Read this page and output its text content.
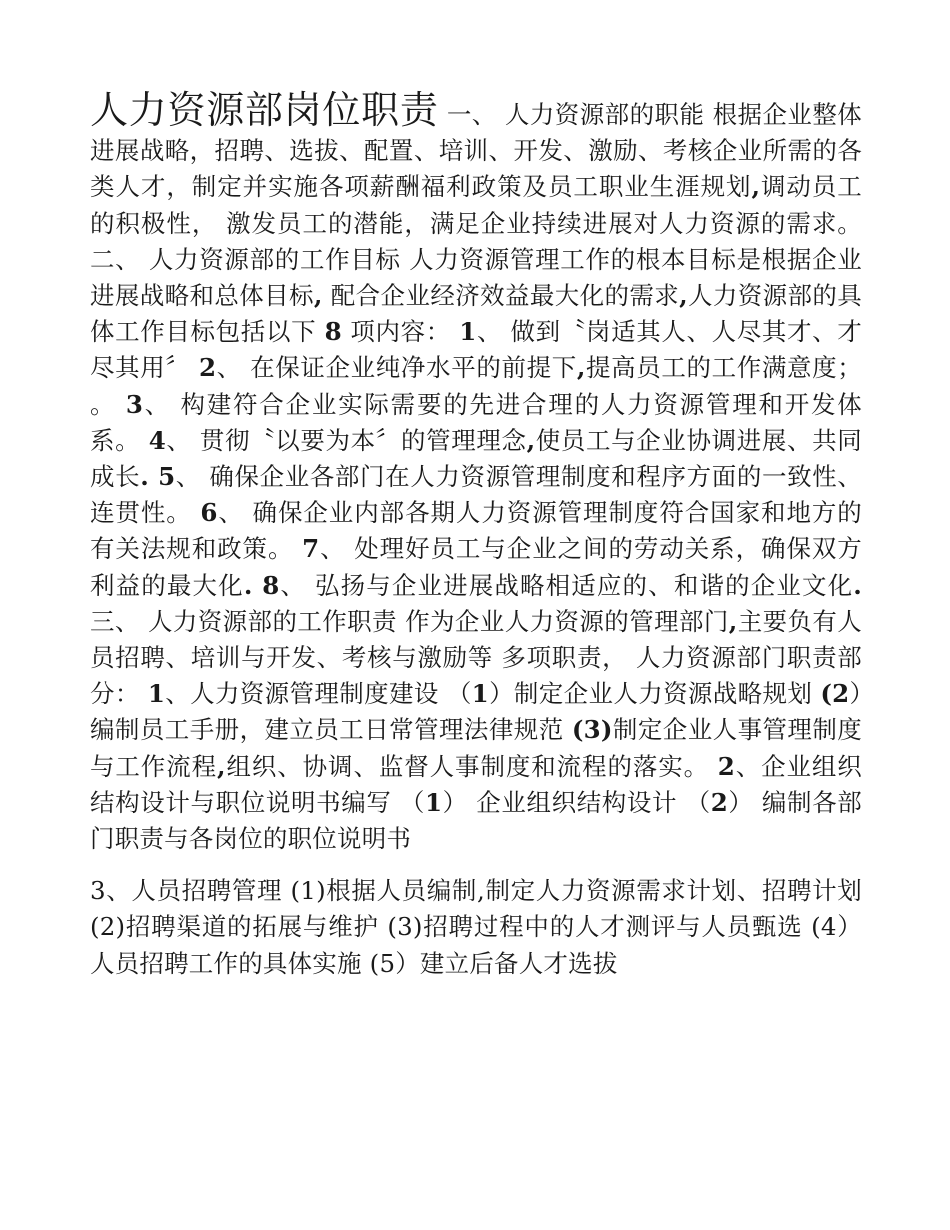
人力资源部岗位职责 一、 人力资源部的职能 根据企业整体进展战略，招聘、选拔、配置、培训、开发、激励、考核企业所需的各类人才，制定并实施各项薪酬福利政策及员工职业生涯规划,调动员工的积极性， 激发员工的潜能，满足企业持续进展对人力资源的需求。 二、 人力资源部的工作目标 人力资源管理工作的根本目标是根据企业进展战略和总体目标, 配合企业经济效益最大化的需求,人力资源部的具体工作目标包括以下 8 项内容： 1、 做到〝岗适其人、人尽其才、才尽其用〞 2、 在保证企业纯净水平的前提下,提高员工的工作满意度； 。 3、 构建符合企业实际需要的先进合理的人力资源管理和开发体系。 4、 贯彻〝以要为本〞的管理理念,使员工与企业协调进展、共同成长. 5、 确保企业各部门在人力资源管理制度和程序方面的一致性、连贯性。 6、 确保企业内部各期人力资源管理制度符合国家和地方的有关法规和政策。 7、 处理好员工与企业之间的劳动关系，确保双方利益的最大化. 8、 弘扬与企业进展战略相适应的、和谐的企业文化. 三、 人力资源部的工作职责 作为企业人力资源的管理部门,主要负有人员招聘、培训与开发、考核与激励等 多项职责， 人力资源部门职责部分： 1、人力资源管理制度建设 （1）制定企业人力资源战略规划 (2）编制员工手册，建立员工日常管理法律规范 (3)制定企业人事管理制度与工作流程,组织、协调、监督人事制度和流程的落实。 2、企业组织结构设计与职位说明书编写 （1） 企业组织结构设计 （2） 编制各部门职责与各岗位的职位说明书

3、人员招聘管理 (1)根据人员编制,制定人力资源需求计划、招聘计划 (2)招聘渠道的拓展与维护 (3)招聘过程中的人才测评与人员甄选 (4）人员招聘工作的具体实施 (5）建立后备人才选拔
